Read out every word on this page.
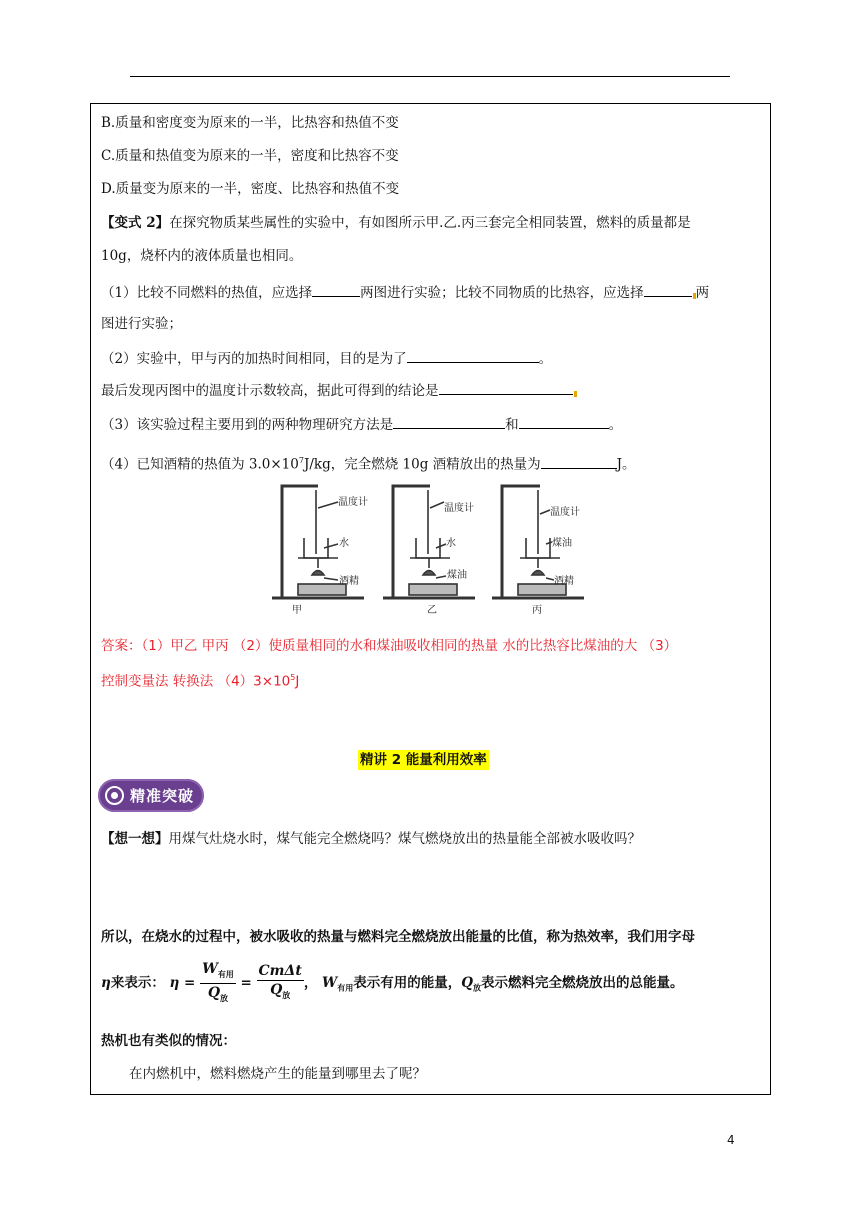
B.质量和密度变为原来的一半，比热容和热值不变
C.质量和热值变为原来的一半，密度和比热容不变
D.质量变为原来的一半，密度、比热容和热值不变
【变式 2】在探究物质某些属性的实验中，有如图所示甲.乙.丙三套完全相同装置，燃料的质量都是
10g，烧杯内的液体质量也相同。
（1）比较不同燃料的热值，应选择	两图进行实验；比较不同物质的比热容，应选择	两
图进行实验；
（2）实验中，甲与丙的加热时间相同，目的是为了	。
最后发现丙图中的温度计示数较高，据此可得到的结论是
（3）该实验过程主要用到的两种物理研究方法是	和	。
（4）已知酒精的热值为 $3.0\times 10^7J/kg$，完全燃烧 10g 酒精放出的热量为	J。
温度计
水
酒精
温度计
水
煤油
温度计
煤油
酒精
甲	乙	丙
答案：（1）甲乙 甲丙 （2）使质量相同的水和煤油吸收相同的热量 水的比热容比煤油的大 （3）
控制变量法 转换法 $(4)3\times 10^5J$
精讲 2 能量利用效率
精准突破
【想一想】用煤气灶烧水时，煤气能完全燃烧吗？煤气燃烧放出的热量能全部被水吸收吗？
所以，在烧水的过程中，被水吸收的热量与燃料完全燃烧放出能量的比值，称为热效率，我们用字母
η来表示： $\eta = \frac{W_{有用}}{Q_放} = \frac{\text{CmΔt}}{Q_放}$ ， $W_{有用}$表示有用的能量，$Q_放$表示燃料完全燃烧放出的总能量。
热机也有类似的情况：
在内燃机中，燃料燃烧产生的能量到哪里去了呢？
4
